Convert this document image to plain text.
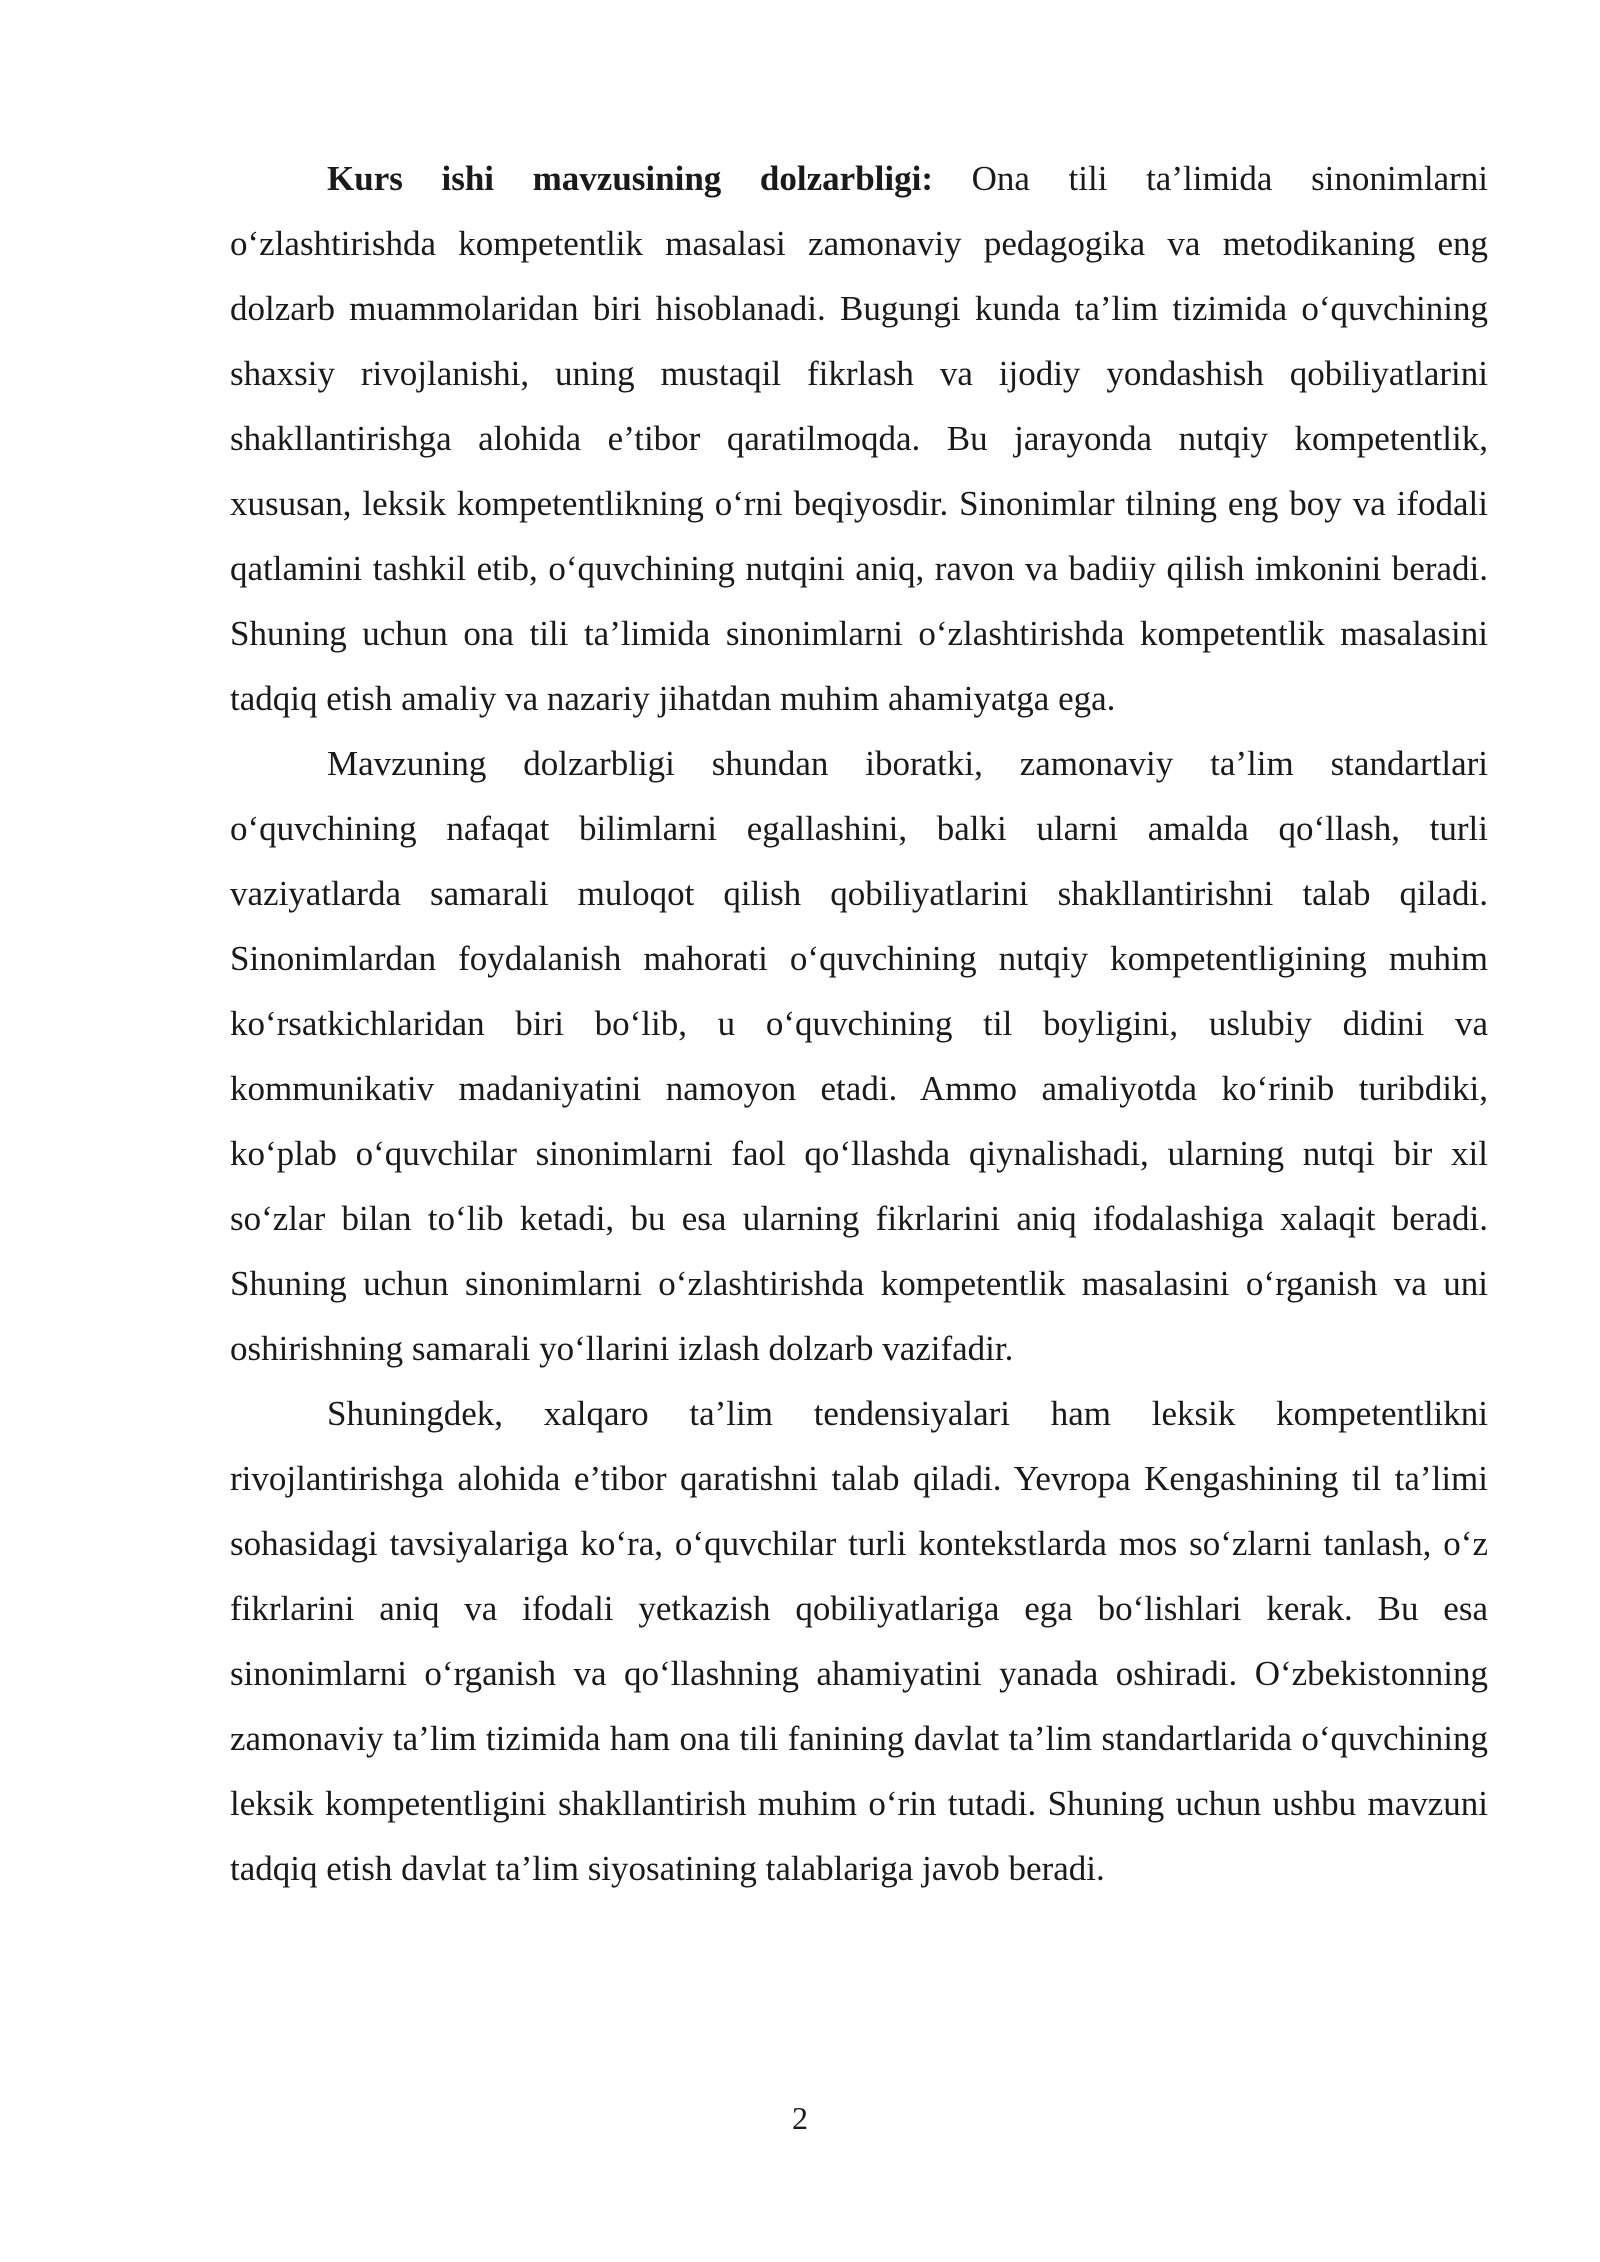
Kurs ishi mavzusining dolzarbligi: Ona tili ta’limida sinonimlarni o‘zlashtirishda kompetentlik masalasi zamonaviy pedagogika va metodikaning eng dolzarb muammolaridan biri hisoblanadi. Bugungi kunda ta’lim tizimida o‘quvchining shaxsiy rivojlanishi, uning mustaqil fikrlash va ijodiy yondashish qobiliyatlarini shakllantirishga alohida e’tibor qaratilmoqda. Bu jarayonda nutqiy kompetentlik, xususan, leksik kompetentlikning o‘rni beqiyosdir. Sinonimlar tilning eng boy va ifodali qatlamini tashkil etib, o‘quvchining nutqini aniq, ravon va badiiy qilish imkonini beradi. Shuning uchun ona tili ta’limida sinonimlarni o‘zlashtirishda kompetentlik masalasini tadqiq etish amaliy va nazariy jihatdan muhim ahamiyatga ega.

Mavzuning dolzarbligi shundan iboratki, zamonaviy ta’lim standartlari o‘quvchining nafaqat bilimlarni egallashini, balki ularni amalda qo‘llash, turli vaziyatlarda samarali muloqot qilish qobiliyatlarini shakllantirishni talab qiladi. Sinonimlardan foydalanish mahorati o‘quvchining nutqiy kompetentligining muhim ko‘rsatkichlaridan biri bo‘lib, u o‘quvchining til boyligini, uslubiy didini va kommunikativ madaniyatini namoyon etadi. Ammo amaliyotda ko‘rinib turibdiki, ko‘plab o‘quvchilar sinonimlarni faol qo‘llashda qiynalishadi, ularning nutqi bir xil so‘zlar bilan to‘lib ketadi, bu esa ularning fikrlarini aniq ifodalashiga xalaqit beradi. Shuning uchun sinonimlarni o‘zlashtirishda kompetentlik masalasini o‘rganish va uni oshirishning samarali yo‘llarini izlash dolzarb vazifadir.

Shuningdek, xalqaro ta’lim tendensiyalari ham leksik kompetentlikni rivojlantirishga alohida e’tibor qaratishni talab qiladi. Yevropa Kengashining til ta’limi sohasidagi tavsiyalariga ko‘ra, o‘quvchilar turli kontekstlarda mos so‘zlarni tanlash, o‘z fikrlarini aniq va ifodali yetkazish qobiliyatlariga ega bo‘lishlari kerak. Bu esa sinonimlarni o‘rganish va qo‘llashning ahamiyatini yanada oshiradi. O‘zbekistonning zamonaviy ta’lim tizimida ham ona tili fanining davlat ta’lim standartlarida o‘quvchining leksik kompetentligini shakllantirish muhim o‘rin tutadi. Shuning uchun ushbu mavzuni tadqiq etish davlat ta’lim siyosatining talablariga javob beradi.

2
